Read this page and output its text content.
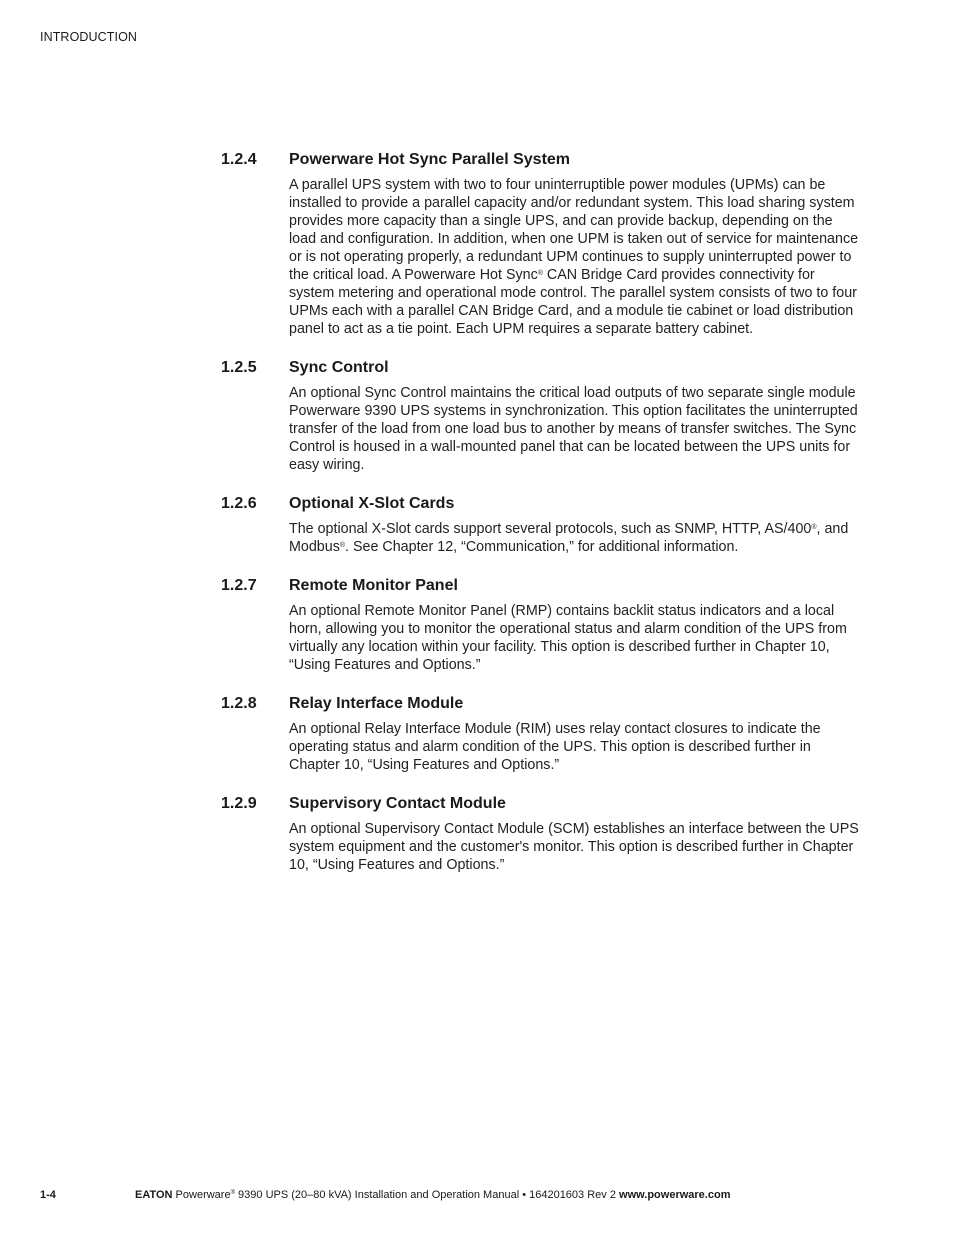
INTRODUCTION
1.2.4	Powerware Hot Sync Parallel System
A parallel UPS system with two to four uninterruptible power modules (UPMs) can be installed to provide a parallel capacity and/or redundant system. This load sharing system provides more capacity than a single UPS, and can provide backup, depending on the load and configuration. In addition, when one UPM is taken out of service for maintenance or is not operating properly, a redundant UPM continues to supply uninterrupted power to the critical load. A Powerware Hot Sync® CAN Bridge Card provides connectivity for system metering and operational mode control. The parallel system consists of two to four UPMs each with a parallel CAN Bridge Card, and a module tie cabinet or load distribution panel to act as a tie point. Each UPM requires a separate battery cabinet.
1.2.5	Sync Control
An optional Sync Control maintains the critical load outputs of two separate single module Powerware 9390 UPS systems in synchronization. This option facilitates the uninterrupted transfer of the load from one load bus to another by means of transfer switches. The Sync Control is housed in a wall-mounted panel that can be located between the UPS units for easy wiring.
1.2.6	Optional X-Slot Cards
The optional X-Slot cards support several protocols, such as SNMP, HTTP, AS/400®, and Modbus®. See Chapter 12, “Communication,” for additional information.
1.2.7	Remote Monitor Panel
An optional Remote Monitor Panel (RMP) contains backlit status indicators and a local horn, allowing you to monitor the operational status and alarm condition of the UPS from virtually any location within your facility. This option is described further in Chapter 10, “Using Features and Options.”
1.2.8	Relay Interface Module
An optional Relay Interface Module (RIM) uses relay contact closures to indicate the operating status and alarm condition of the UPS. This option is described further in Chapter 10, “Using Features and Options.”
1.2.9	Supervisory Contact Module
An optional Supervisory Contact Module (SCM) establishes an interface between the UPS system equipment and the customer's monitor. This option is described further in Chapter 10, “Using Features and Options.”
1-4	EATON Powerware® 9390 UPS (20–80 kVA) Installation and Operation Manual • 164201603 Rev 2 www.powerware.com
